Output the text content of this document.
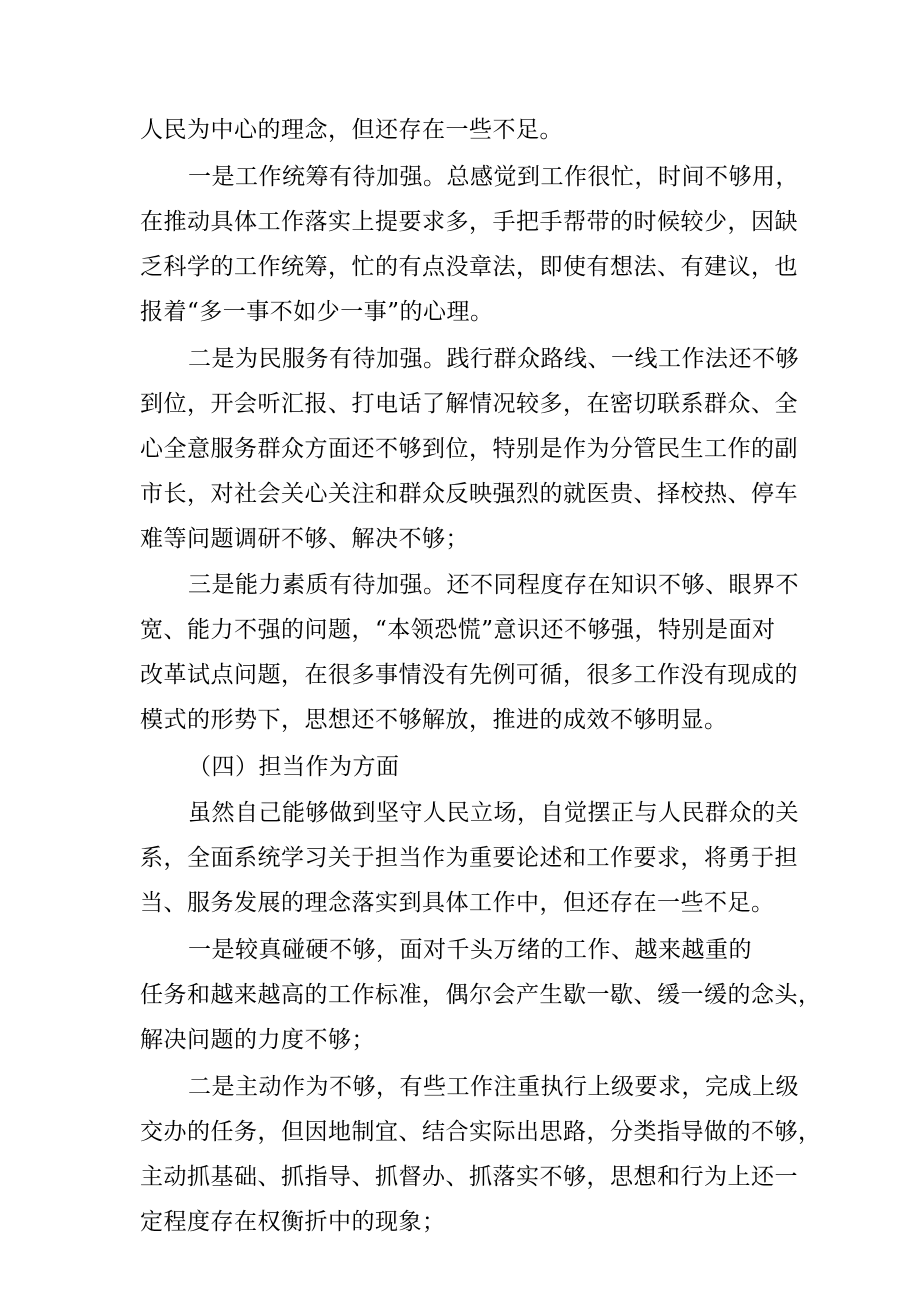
人民为中心的理念，但还存在一些不足。
一是工作统筹有待加强。总感觉到工作很忙，时间不够用，
在推动具体工作落实上提要求多，手把手帮带的时候较少，因缺
乏科学的工作统筹，忙的有点没章法，即使有想法、有建议，也
报着“多一事不如少一事”的心理。
二是为民服务有待加强。践行群众路线、一线工作法还不够
到位，开会听汇报、打电话了解情况较多，在密切联系群众、全
心全意服务群众方面还不够到位，特别是作为分管民生工作的副
市长，对社会关心关注和群众反映强烈的就医贵、择校热、停车
难等问题调研不够、解决不够；
三是能力素质有待加强。还不同程度存在知识不够、眼界不
宽、能力不强的问题，“本领恐慌”意识还不够强，特别是面对
改革试点问题，在很多事情没有先例可循，很多工作没有现成的
模式的形势下，思想还不够解放，推进的成效不够明显。
（四）担当作为方面
虽然自己能够做到坚守人民立场，自觉摆正与人民群众的关
系，全面系统学习关于担当作为重要论述和工作要求，将勇于担
当、服务发展的理念落实到具体工作中，但还存在一些不足。
一是较真碰硬不够，面对千头万绪的工作、越来越重的
任务和越来越高的工作标准，偶尔会产生歇一歇、缓一缓的念头，
解决问题的力度不够；
二是主动作为不够，有些工作注重执行上级要求，完成上级
交办的任务，但因地制宜、结合实际出思路，分类指导做的不够，
主动抓基础、抓指导、抓督办、抓落实不够，思想和行为上还一
定程度存在权衡折中的现象；
